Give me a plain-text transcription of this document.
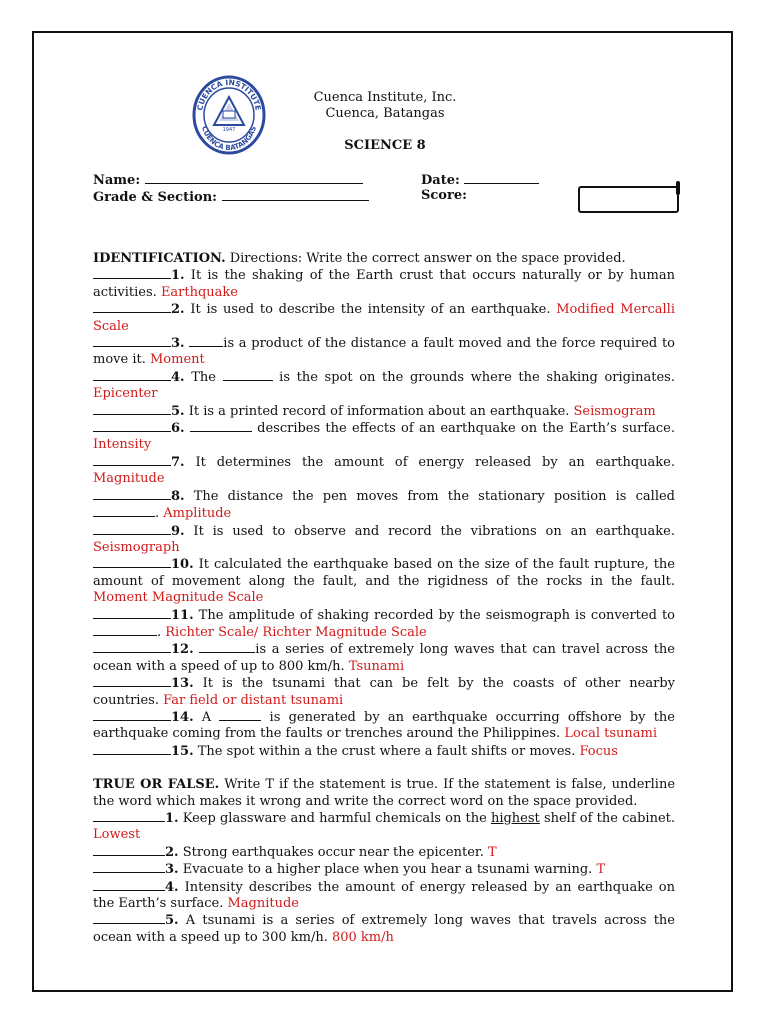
CUENCA INSTITUTE
CUENCA BATANGAS
1947
Cuenca Institute, Inc.
Cuenca, Batangas
SCIENCE 8
Name:	Date:
Grade & Section:	Score:

IDENTIFICATION. Directions: Write the correct answer on the space provided.

1. It is the shaking of the Earth crust that occurs naturally or by human activities. Earthquake

2. It is used to describe the intensity of an earthquake. Modified Mercalli Scale

3.	is a product of the distance a fault moved and the force required to move it. Moment

4. The	is the spot on the grounds where the shaking originates. Epicenter

5. It is a printed record of information about an earthquake. Seismogram

6.	describes the effects of an earthquake on the Earth’s surface. Intensity

7. It determines the amount of energy released by an earthquake. Magnitude

8. The distance the pen moves from the stationary position is called . Amplitude

9. It is used to observe and record the vibrations on an earthquake. Seismograph

10. It calculated the earthquake based on the size of the fault rupture, the amount of movement along the fault, and the rigidness of the rocks in the fault. Moment Magnitude Scale

11. The amplitude of shaking recorded by the seismograph is converted to . Richter Scale/ Richter Magnitude Scale

12.	is a series of extremely long waves that can travel across the ocean with a speed of up to 800 km/h. Tsunami

13. It is the tsunami that can be felt by the coasts of other nearby countries. Far field or distant tsunami

14. A	is generated by an earthquake occurring offshore by the earthquake coming from the faults or trenches around the Philippines. Local tsunami

15. The spot within a the crust where a fault shifts or moves. Focus

TRUE OR FALSE. Write T if the statement is true. If the statement is false, underline the word which makes it wrong and write the correct word on the space provided.

1. Keep glassware and harmful chemicals on the highest shelf of the cabinet. Lowest

2. Strong earthquakes occur near the epicenter. T

3. Evacuate to a higher place when you hear a tsunami warning. T

4. Intensity describes the amount of energy released by an earthquake on the Earth’s surface. Magnitude

5. A tsunami is a series of extremely long waves that travels across the ocean with a speed up to 300 km/h. 800 km/h
